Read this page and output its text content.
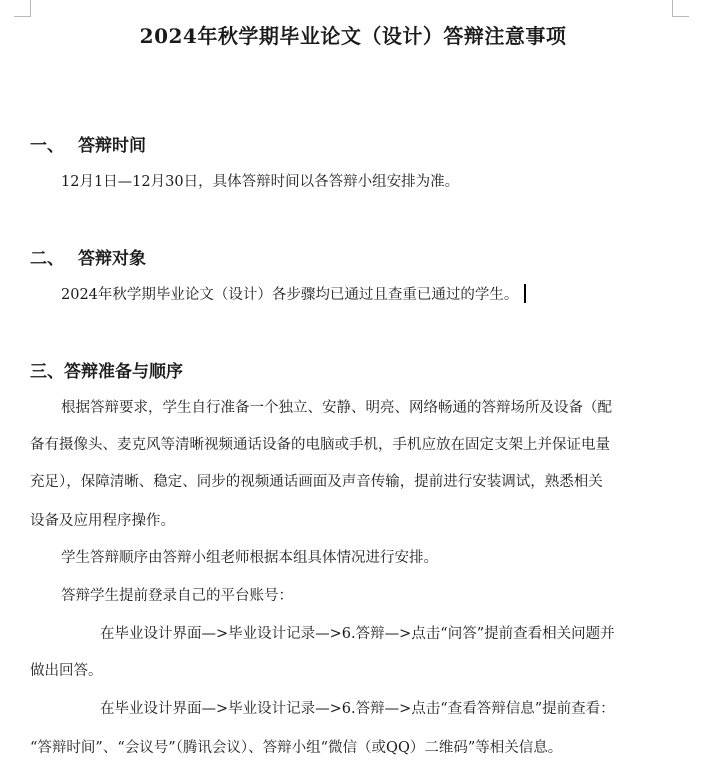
2024年秋学期毕业论文（设计）答辩注意事项
一、 答辩时间
12月1日—12月30日，具体答辩时间以各答辩小组安排为准。
二、 答辩对象
2024年秋学期毕业论文（设计）各步骤均已通过且查重已通过的学生。
三、答辩准备与顺序
根据答辩要求，学生自行准备一个独立、安静、明亮、网络畅通的答辩场所及设备（配
备有摄像头、麦克风等清晰视频通话设备的电脑或手机，手机应放在固定支架上并保证电量
充足），保障清晰、稳定、同步的视频通话画面及声音传输，提前进行安装调试，熟悉相关
设备及应用程序操作。
学生答辩顺序由答辩小组老师根据本组具体情况进行安排。
答辩学生提前登录自己的平台账号：
在毕业设计界面—>毕业设计记录—>6.答辩—>点击“问答”提前查看相关问题并
做出回答。
在毕业设计界面—>毕业设计记录—>6.答辩—>点击“查看答辩信息”提前查看：
“答辩时间”、“会议号”（腾讯会议）、答辩小组“微信（或QQ）二维码”等相关信息。
